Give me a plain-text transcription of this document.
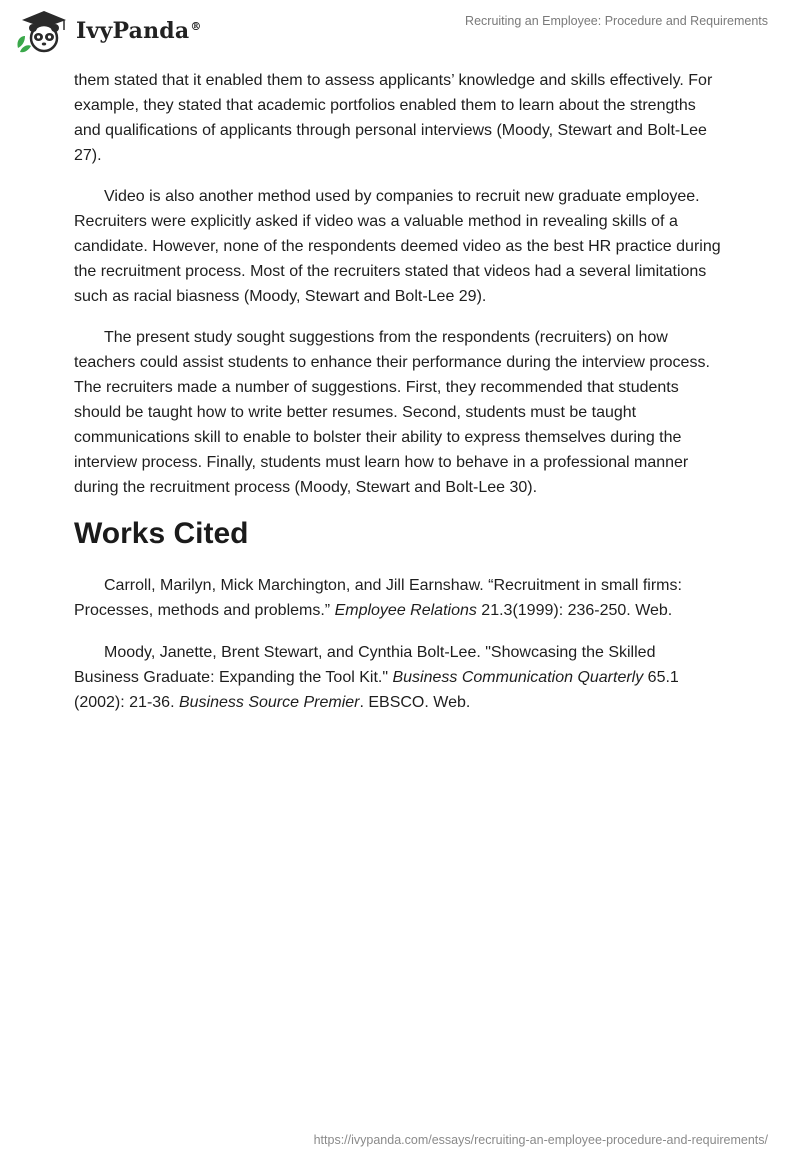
IvyPanda®	Recruiting an Employee: Procedure and Requirements

them stated that it enabled them to assess applicants’ knowledge and skills effectively. For example, they stated that academic portfolios enabled them to learn about the strengths and qualifications of applicants through personal interviews (Moody, Stewart and Bolt-Lee 27).

Video is also another method used by companies to recruit new graduate employee. Recruiters were explicitly asked if video was a valuable method in revealing skills of a candidate. However, none of the respondents deemed video as the best HR practice during the recruitment process. Most of the recruiters stated that videos had a several limitations such as racial biasness (Moody, Stewart and Bolt-Lee 29).

The present study sought suggestions from the respondents (recruiters) on how teachers could assist students to enhance their performance during the interview process. The recruiters made a number of suggestions. First, they recommended that students should be taught how to write better resumes. Second, students must be taught communications skill to enable to bolster their ability to express themselves during the interview process. Finally, students must learn how to behave in a professional manner during the recruitment process (Moody, Stewart and Bolt-Lee 30).

Works Cited

Carroll, Marilyn, Mick Marchington, and Jill Earnshaw. “Recruitment in small firms: Processes, methods and problems.” Employee Relations 21.3(1999): 236-250. Web.

Moody, Janette, Brent Stewart, and Cynthia Bolt-Lee. "Showcasing the Skilled Business Graduate: Expanding the Tool Kit." Business Communication Quarterly 65.1 (2002): 21-36. Business Source Premier. EBSCO. Web.

https://ivypanda.com/essays/recruiting-an-employee-procedure-and-requirements/
